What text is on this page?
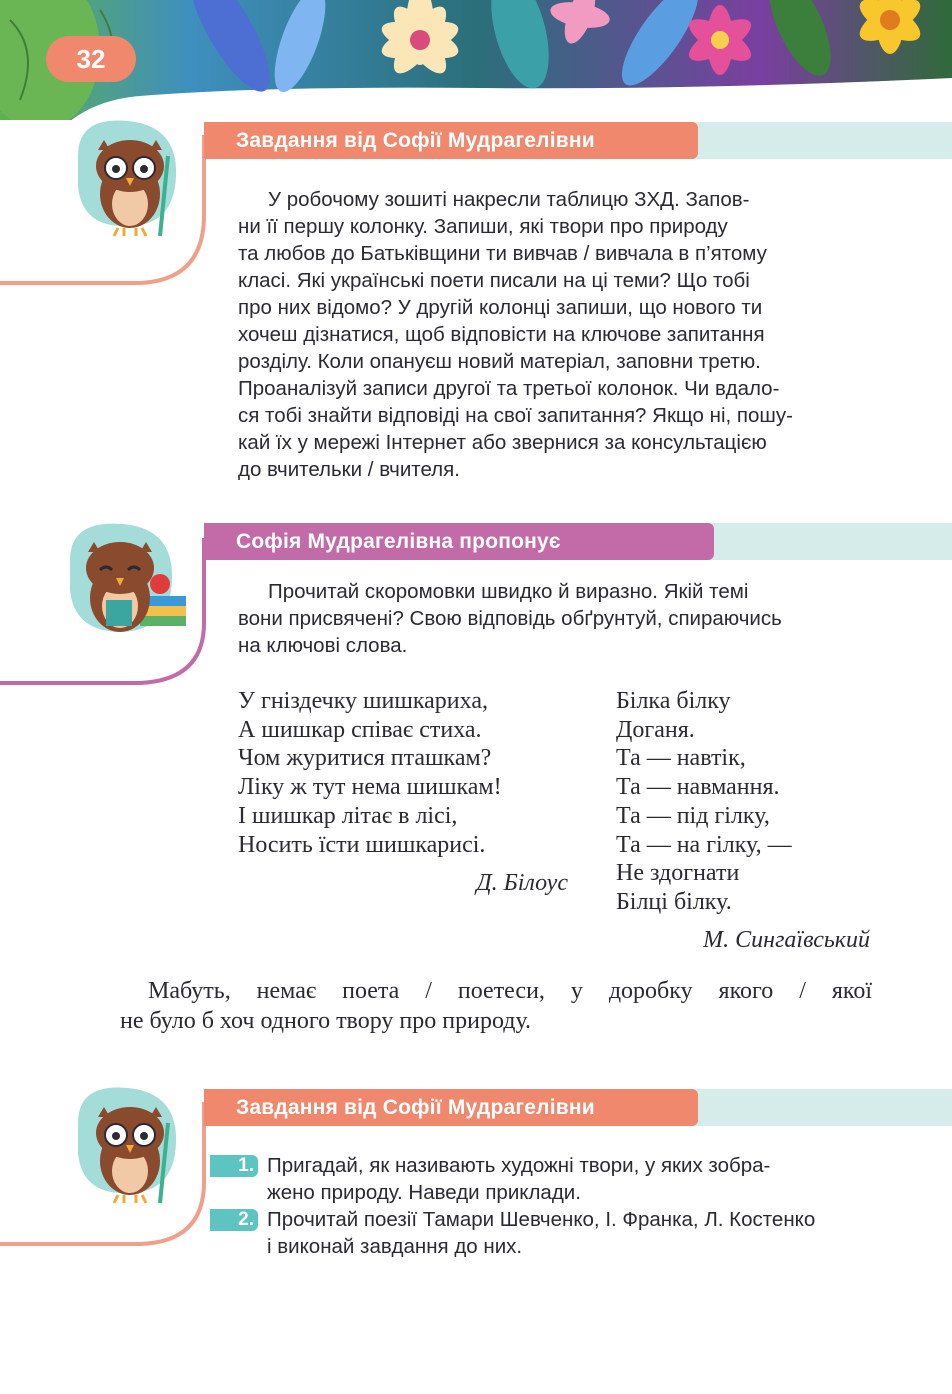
32
Завдання від Софії Мудрагелівни
У робочому зошиті накресли таблицю ЗХД. Запов-
ни її першу колонку. Запиши, які твори про природу
та любов до Батьківщини ти вивчав / вивчала в п’ятому
класі. Які українські поети писали на ці теми? Що тобі
про них відомо? У другій колонці запиши, що нового ти
хочеш дізнатися, щоб відповісти на ключове запитання
розділу. Коли опануєш новий матеріал, заповни третю.
Проаналізуй записи другої та третьої колонок. Чи вдало-
ся тобі знайти відповіді на свої запитання? Якщо ні, пошу-
кай їх у мережі Інтернет або звернися за консультацією
до вчительки / вчителя.
Софія Мудрагелівна пропонує
Прочитай скоромовки швидко й виразно. Якій темі
вони присвячені? Свою відповідь обґрунтуй, спираючись
на ключові слова.
У гніздечку шишкариха,
А шишкар співає стиха.
Чом журитися пташкам?
Ліку ж тут нема шишкам!
І шишкар літає в лісі,
Носить їсти шишкарисі.
Д. Білоус
Білка білку
Доганя.
Та — навтік,
Та — навмання.
Та — під гілку,
Та — на гілку, —
Не здогнати
Білці білку.
М. Сингаївський
Мабуть, немає поета / поетеси, у доробку якого / якої
не було б хоч одного твору про природу.
Завдання від Софії Мудрагелівни
1. Пригадай, як називають художні твори, у яких зобра-
жено природу. Наведи приклади.
2. Прочитай поезії Тамари Шевченко, І. Франка, Л. Костенко
і виконай завдання до них.
